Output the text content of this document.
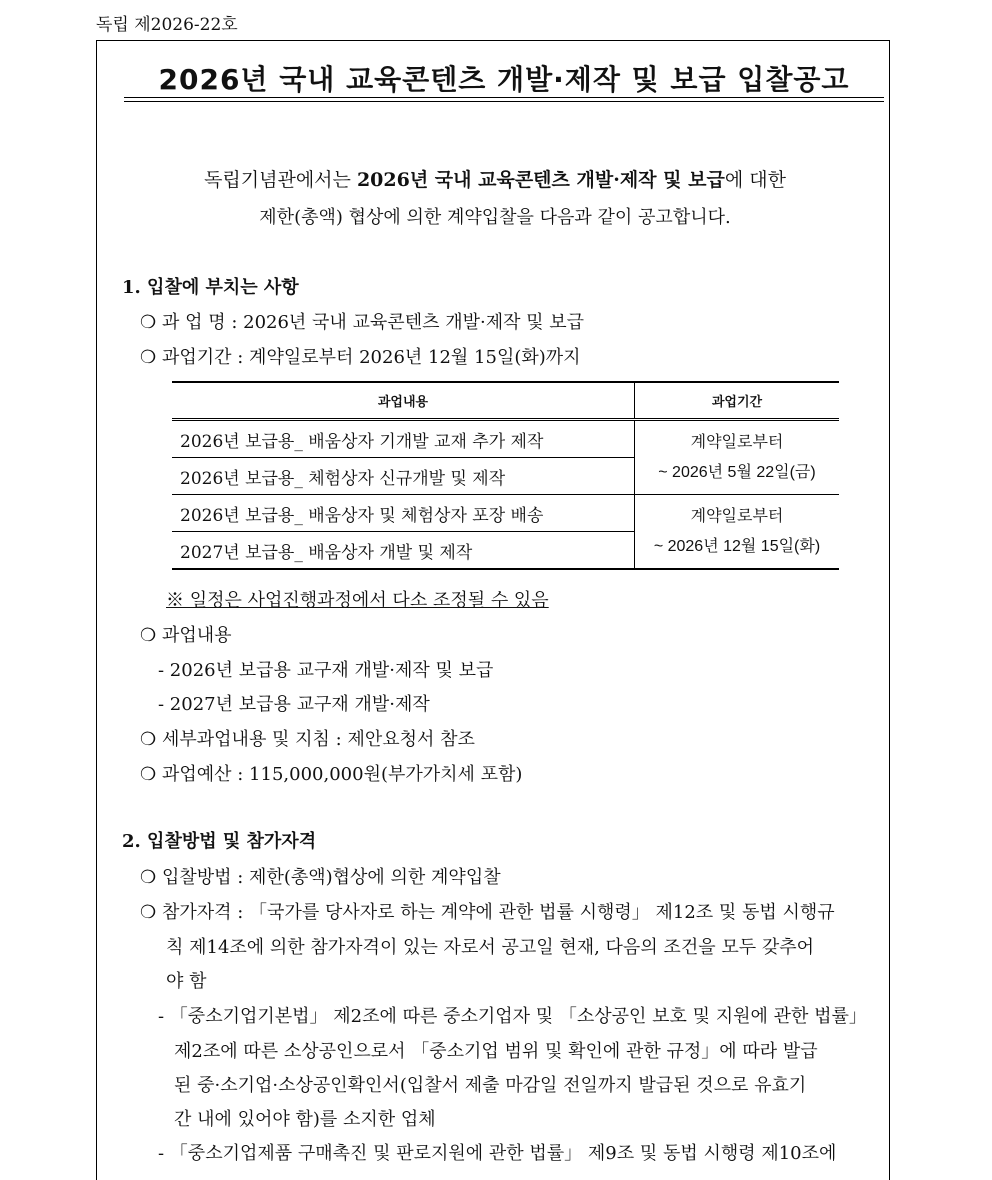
독립 제2026-22호
2026년 국내 교육콘텐츠 개발·제작 및 보급 입찰공고
독립기념관에서는 2026년 국내 교육콘텐츠 개발·제작 및 보급에 대한
제한(총액) 협상에 의한 계약입찰을 다음과 같이 공고합니다.
1. 입찰에 부치는 사항
❍ 과 업 명 : 2026년 국내 교육콘텐츠 개발·제작 및 보급
❍ 과업기간 : 계약일로부터 2026년 12월 15일(화)까지
과업내용	과업기간
2026년 보급용_ 배움상자 기개발 교재 추가 제작	계약일로부터
~ 2026년 5월 22일(금)
2026년 보급용_ 체험상자 신규개발 및 제작	
2026년 보급용_ 배움상자 및 체험상자 포장 배송	계약일로부터
~ 2026년 12월 15일(화)
2027년 보급용_ 배움상자 개발 및 제작	
※ 일정은 사업진행과정에서 다소 조정될 수 있음
❍ 과업내용
- 2026년 보급용 교구재 개발·제작 및 보급
- 2027년 보급용 교구재 개발·제작
❍ 세부과업내용 및 지침 : 제안요청서 참조
❍ 과업예산 : 115,000,000원(부가가치세 포함)
2. 입찰방법 및 참가자격
❍ 입찰방법 : 제한(총액)협상에 의한 계약입찰
❍ 참가자격 : 「국가를 당사자로 하는 계약에 관한 법률 시행령」 제12조 및 동법 시행규
칙 제14조에 의한 참가자격이 있는 자로서 공고일 현재, 다음의 조건을 모두 갖추어
야 함
- 「중소기업기본법」 제2조에 따른 중소기업자 및 「소상공인 보호 및 지원에 관한 법률」
제2조에 따른 소상공인으로서 「중소기업 범위 및 확인에 관한 규정」에 따라 발급
된 중·소기업·소상공인확인서(입찰서 제출 마감일 전일까지 발급된 것으로 유효기
간 내에 있어야 함)를 소지한 업체
- 「중소기업제품 구매촉진 및 판로지원에 관한 법률」 제9조 및 동법 시행령 제10조에
